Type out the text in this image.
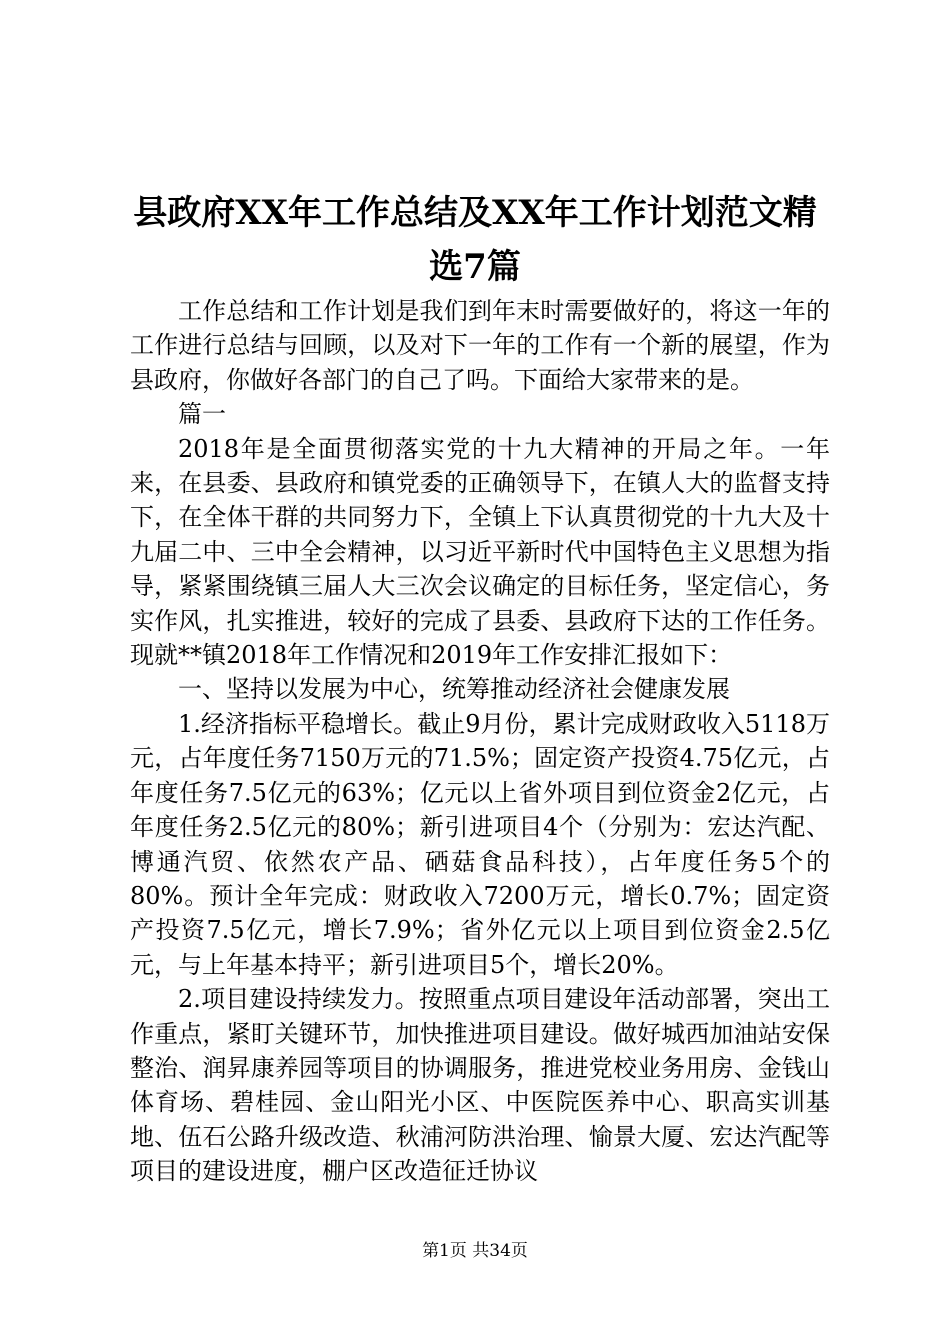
县政府XX年工作总结及XX年工作计划范文精
选7篇

工作总结和工作计划是我们到年末时需要做好的，将这一年的工作进行总结与回顾，以及对下一年的工作有一个新的展望，作为县政府，你做好各部门的自己了吗。下面给大家带来的是。

篇一

2018年是全面贯彻落实党的十九大精神的开局之年。一年来，在县委、县政府和镇党委的正确领导下，在镇人大的监督支持下，在全体干群的共同努力下，全镇上下认真贯彻党的十九大及十九届二中、三中全会精神，以习近平新时代中国特色主义思想为指导，紧紧围绕镇三届人大三次会议确定的目标任务，坚定信心，务实作风，扎实推进，较好的完成了县委、县政府下达的工作任务。现就**镇2018年工作情况和2019年工作安排汇报如下：

一、坚持以发展为中心，统筹推动经济社会健康发展

1.经济指标平稳增长。截止9月份，累计完成财政收入5118万元，占年度任务7150万元的71.5%；固定资产投资4.75亿元，占年度任务7.5亿元的63%；亿元以上省外项目到位资金2亿元，占年度任务2.5亿元的80%；新引进项目4个（分别为：宏达汽配、博通汽贸、依然农产品、硒菇食品科技），占年度任务5个的80%。预计全年完成：财政收入7200万元，增长0.7%；固定资产投资7.5亿元，增长7.9%；省外亿元以上项目到位资金2.5亿元，与上年基本持平；新引进项目5个，增长20%。

2.项目建设持续发力。按照重点项目建设年活动部署，突出工作重点，紧盯关键环节，加快推进项目建设。做好城西加油站安保整治、润昇康养园等项目的协调服务，推进党校业务用房、金钱山体育场、碧桂园、金山阳光小区、中医院医养中心、职高实训基地、伍石公路升级改造、秋浦河防洪治理、愉景大厦、宏达汽配等项目的建设进度，棚户区改造征迁协议

第1页 共34页
